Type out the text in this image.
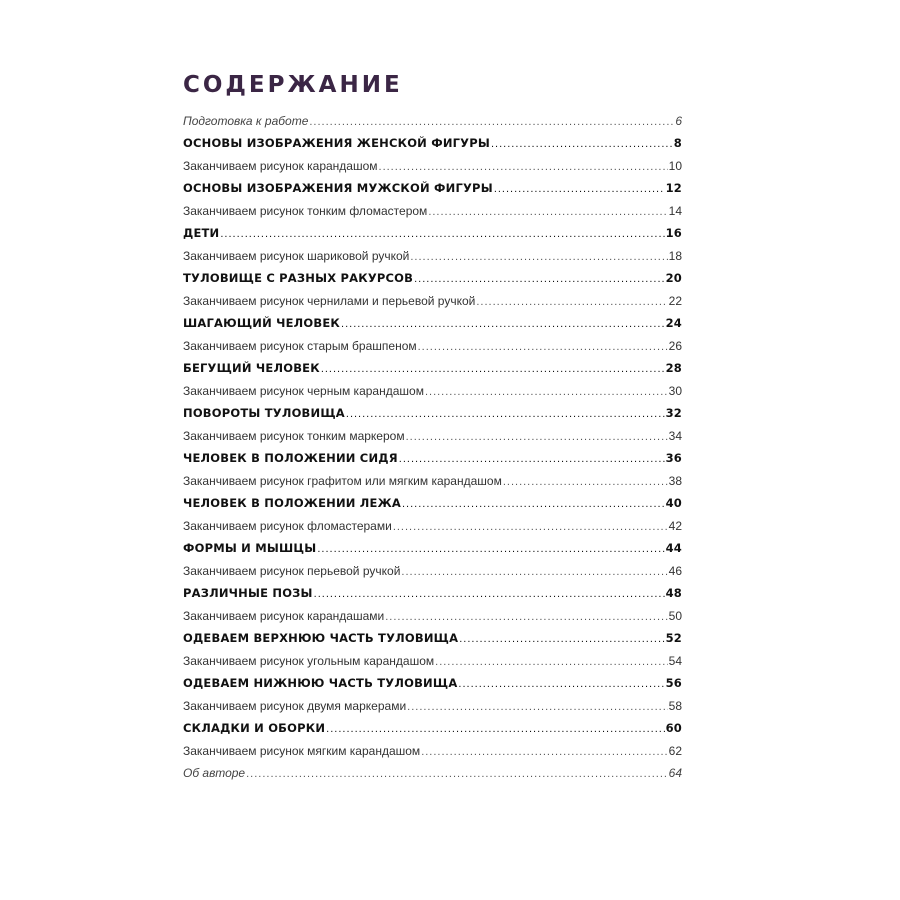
СОДЕРЖАНИЕ
Подготовка к работе .....	6
ОСНОВЫ ИЗОБРАЖЕНИЯ ЖЕНСКОЙ ФИГУРЫ .....	8
Заканчиваем рисунок карандашом .....	10
ОСНОВЫ ИЗОБРАЖЕНИЯ МУЖСКОЙ ФИГУРЫ .....	12
Заканчиваем рисунок тонким фломастером .....	14
ДЕТИ .....	16
Заканчиваем рисунок шариковой ручкой .....	18
ТУЛОВИЩЕ С РАЗНЫХ РАКУРСОВ .....	20
Заканчиваем рисунок чернилами и перьевой ручкой .....	22
ШАГАЮЩИЙ ЧЕЛОВЕК .....	24
Заканчиваем рисунок старым брашпеном .....	26
БЕГУЩИЙ ЧЕЛОВЕК .....	28
Заканчиваем рисунок черным карандашом .....	30
ПОВОРОТЫ ТУЛОВИЩА .....	32
Заканчиваем рисунок тонким маркером .....	34
ЧЕЛОВЕК В ПОЛОЖЕНИИ СИДЯ .....	36
Заканчиваем рисунок графитом или мягким карандашом .....	38
ЧЕЛОВЕК В ПОЛОЖЕНИИ ЛЕЖА .....	40
Заканчиваем рисунок фломастерами .....	42
ФОРМЫ И МЫШЦЫ .....	44
Заканчиваем рисунок перьевой ручкой .....	46
РАЗЛИЧНЫЕ ПОЗЫ .....	48
Заканчиваем рисунок карандашами .....	50
ОДЕВАЕМ ВЕРХНЮЮ ЧАСТЬ ТУЛОВИЩА .....	52
Заканчиваем рисунок угольным карандашом .....	54
ОДЕВАЕМ НИЖНЮЮ ЧАСТЬ ТУЛОВИЩА .....	56
Заканчиваем рисунок двумя маркерами .....	58
СКЛАДКИ И ОБОРКИ .....	60
Заканчиваем рисунок мягким карандашом .....	62
Об авторе .....	64
